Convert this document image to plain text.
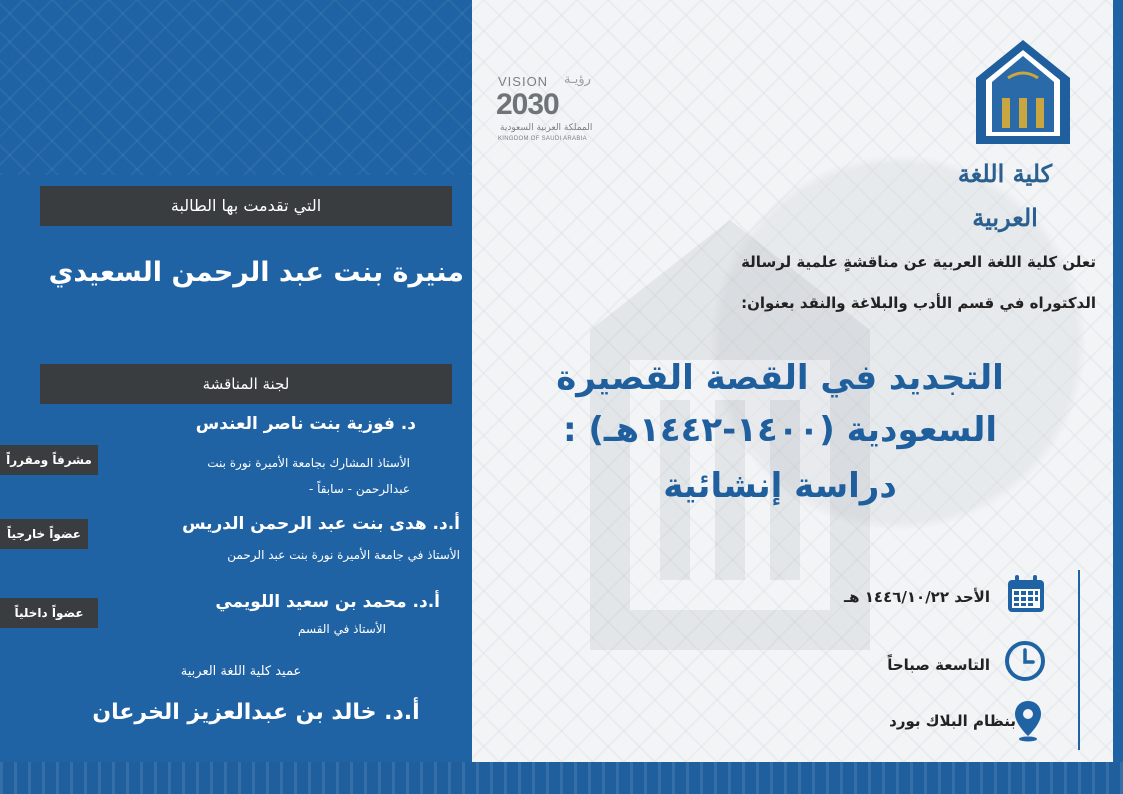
VISION رؤيـة
2030
المملكة العربية السعودية
KINGDOM OF SAUDI ARABIA
كلية اللغة العربية
التي تقدمت بها الطالبة
منيرة بنت عبد الرحمن السعيدي
لجنة المناقشة
د. فوزية بنت ناصر العندس
الأستاذ المشارك بجامعة الأميرة نورة بنت
عبدالرحمن - سابقاً -
مشرفاً ومقرراً
أ.د. هدى بنت عبد الرحمن الدريس
الأستاذ في جامعة الأميرة نورة بنت عبد الرحمن
عضواً خارجياً
أ.د. محمد بن سعيد اللويمي
الأستاذ في القسم
عضواً داخلياً
عميد كلية اللغة العربية
أ.د. خالد بن عبدالعزيز الخرعان
تعلن كلية اللغة العربية عن مناقشةٍ علمية لرسالة
الدكتوراه في قسم الأدب والبلاغة والنقد بعنوان:
التجديد في القصة القصيرة
السعودية (١٤٠٠-١٤٤٢هـ) :
دراسة إنشائية
الأحد ١٤٤٦/١٠/٢٢ هـ
التاسعة صباحاً
بنظام البلاك بورد
